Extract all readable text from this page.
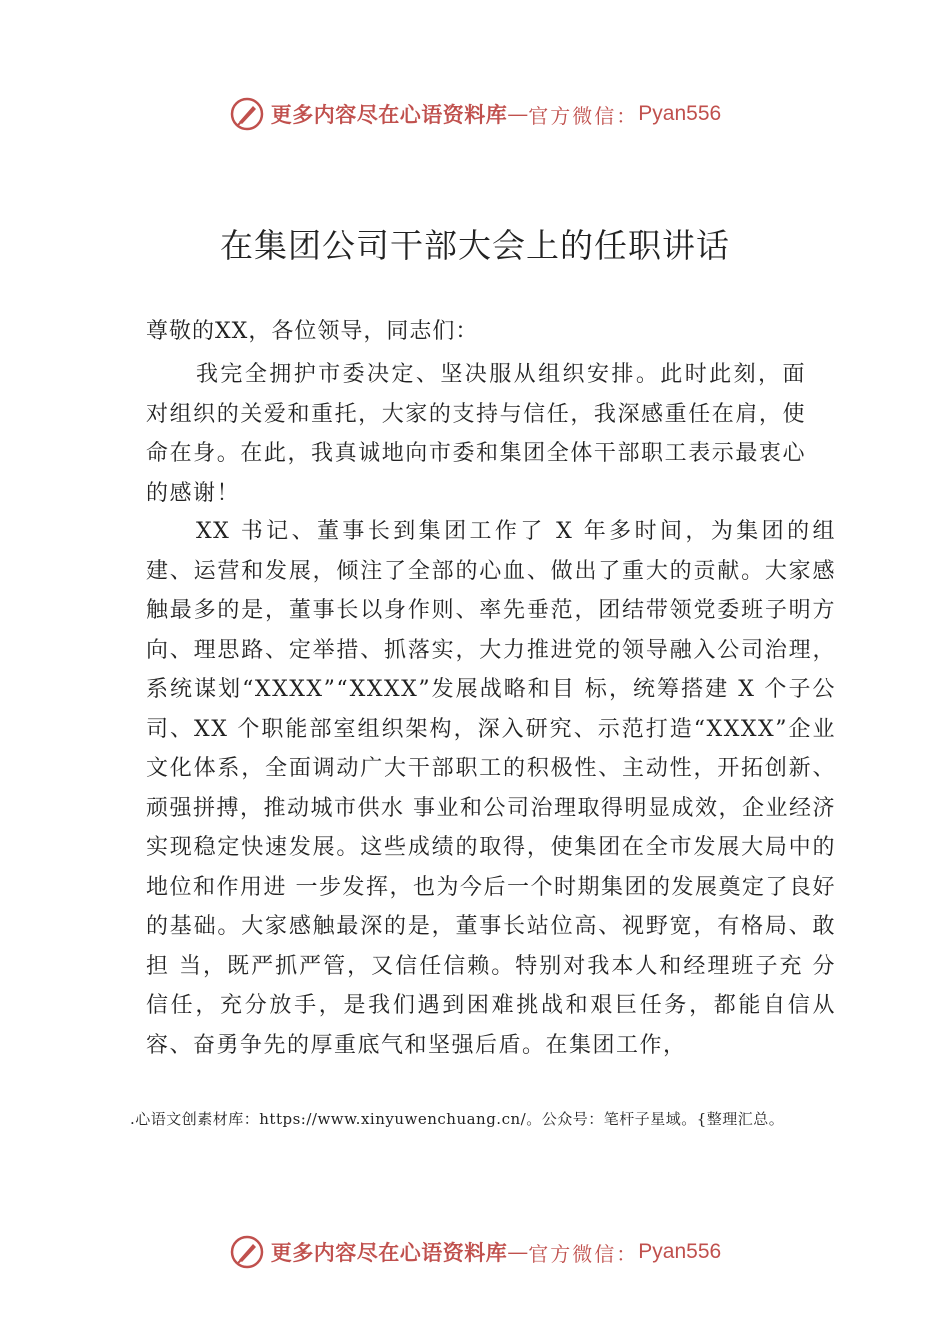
更多内容尽在心语资料库 — 官方微信： Pyan556
在集团公司干部大会上的任职讲话
尊敬的XX，各位领导，同志们：

我完全拥护市委决定、坚决服从组织安排。此时此刻，面对组织的关爱和重托，大家的支持与信任，我深感重任在肩，使命在身。在此，我真诚地向市委和集团全体干部职工表示最衷心的感谢！

XX 书记、董事长到集团工作了 X 年多时间，为集团的组建、运营和发展，倾注了全部的心血、做出了重大的贡献。大家感触最多的是，董事长以身作则、率先垂范，团结带领党委班子明方向、理思路、定举措、抓落实，大力推进党的领导融入公司治理，系统谋划“XXXX”“XXXX”发展战略和目 标，统筹搭建 X 个子公司、XX 个职能部室组织架构，深入研究、示范打造“XXXX”企业文化体系，全面调动广大干部职工的积极性、主动性，开拓创新、顽强拼搏，推动城市供水 事业和公司治理取得明显成效，企业经济实现稳定快速发展。这些成绩的取得，使集团在全市发展大局中的地位和作用进 一步发挥，也为今后一个时期集团的发展奠定了良好的基础。大家感触最深的是，董事长站位高、视野宽，有格局、敢担 当，既严抓严管，又信任信赖。特别对我本人和经理班子充 分信任，充分放手，是我们遇到困难挑战和艰巨任务，都能自信从容、奋勇争先的厚重底气和坚强后盾。在集团工作，

.心语文创素材库：https://www.xinyuwenchuang.cn/。公众号：笔杆子星域。{整理汇总。
更多内容尽在心语资料库 — 官方微信： Pyan556
